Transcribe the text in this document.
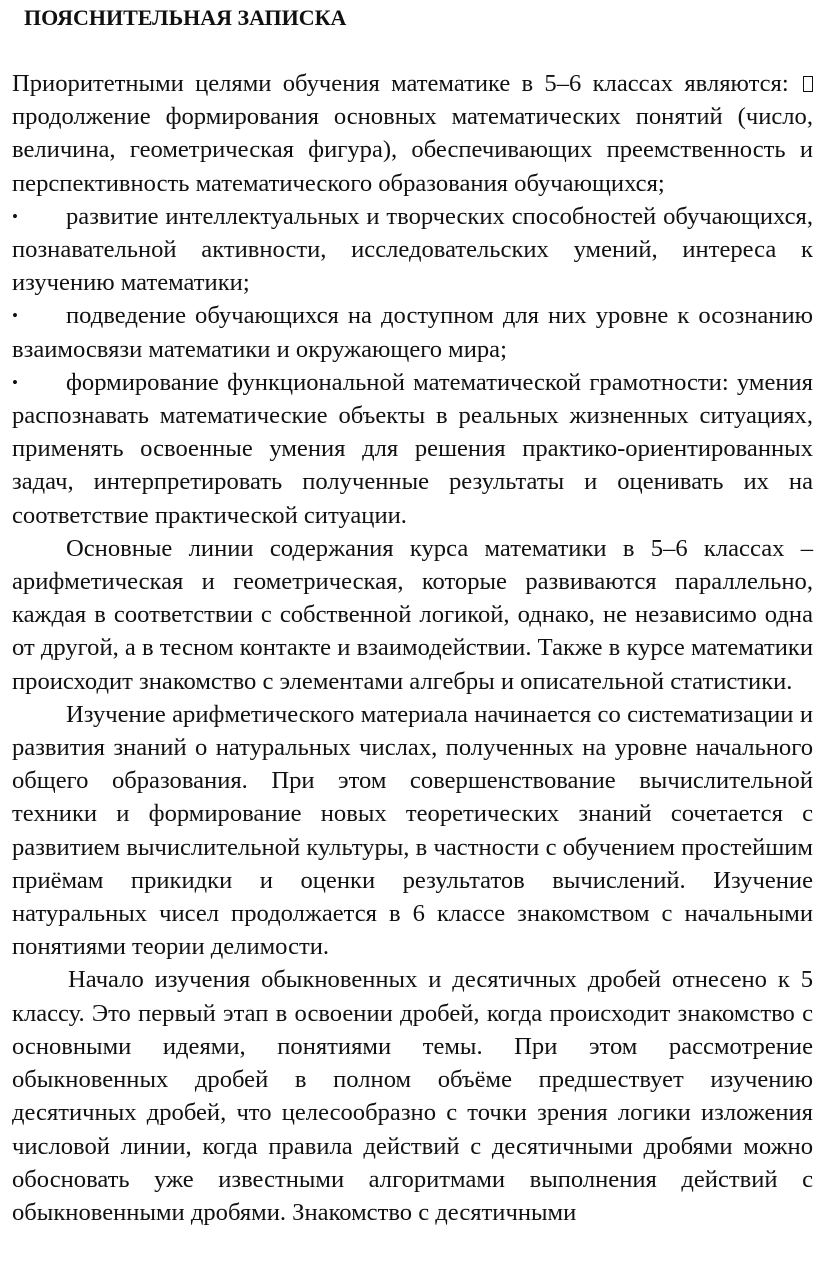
ПОЯСНИТЕЛЬНАЯ ЗАПИСКА

Приоритетными целями обучения математике в 5–6 классах являются:  продолжение формирования основных математических понятий (число, величина, геометрическая фигура), обеспечивающих преемственность и перспективность математического образования обучающихся;

• развитие интеллектуальных и творческих способностей обучающихся, познавательной активности, исследовательских умений, интереса к изучению математики;

• подведение обучающихся на доступном для них уровне к осознанию взаимосвязи математики и окружающего мира;

• формирование функциональной математической грамотности: умения распознавать математические объекты в реальных жизненных ситуациях, применять освоенные умения для решения практико-ориентированных задач, интерпретировать полученные результаты и оценивать их на соответствие практической ситуации.

Основные линии содержания курса математики в 5–6 классах – арифметическая и геометрическая, которые развиваются параллельно, каждая в соответствии с собственной логикой, однако, не независимо одна от другой, а в тесном контакте и взаимодействии. Также в курсе математики происходит знакомство с элементами алгебры и описательной статистики.

Изучение арифметического материала начинается со систематизации и развития знаний о натуральных числах, полученных на уровне начального общего образования. При этом совершенствование вычислительной техники и формирование новых теоретических знаний сочетается с развитием вычислительной культуры, в частности с обучением простейшим приёмам прикидки и оценки результатов вычислений. Изучение натуральных чисел продолжается в 6 классе знакомством с начальными понятиями теории делимости.

Начало изучения обыкновенных и десятичных дробей отнесено к 5 классу. Это первый этап в освоении дробей, когда происходит знакомство с основными идеями, понятиями темы. При этом рассмотрение обыкновенных дробей в полном объёме предшествует изучению десятичных дробей, что целесообразно с точки зрения логики изложения числовой линии, когда правила действий с десятичными дробями можно обосновать уже известными алгоритмами выполнения действий с обыкновенными дробями. Знакомство с десятичными
